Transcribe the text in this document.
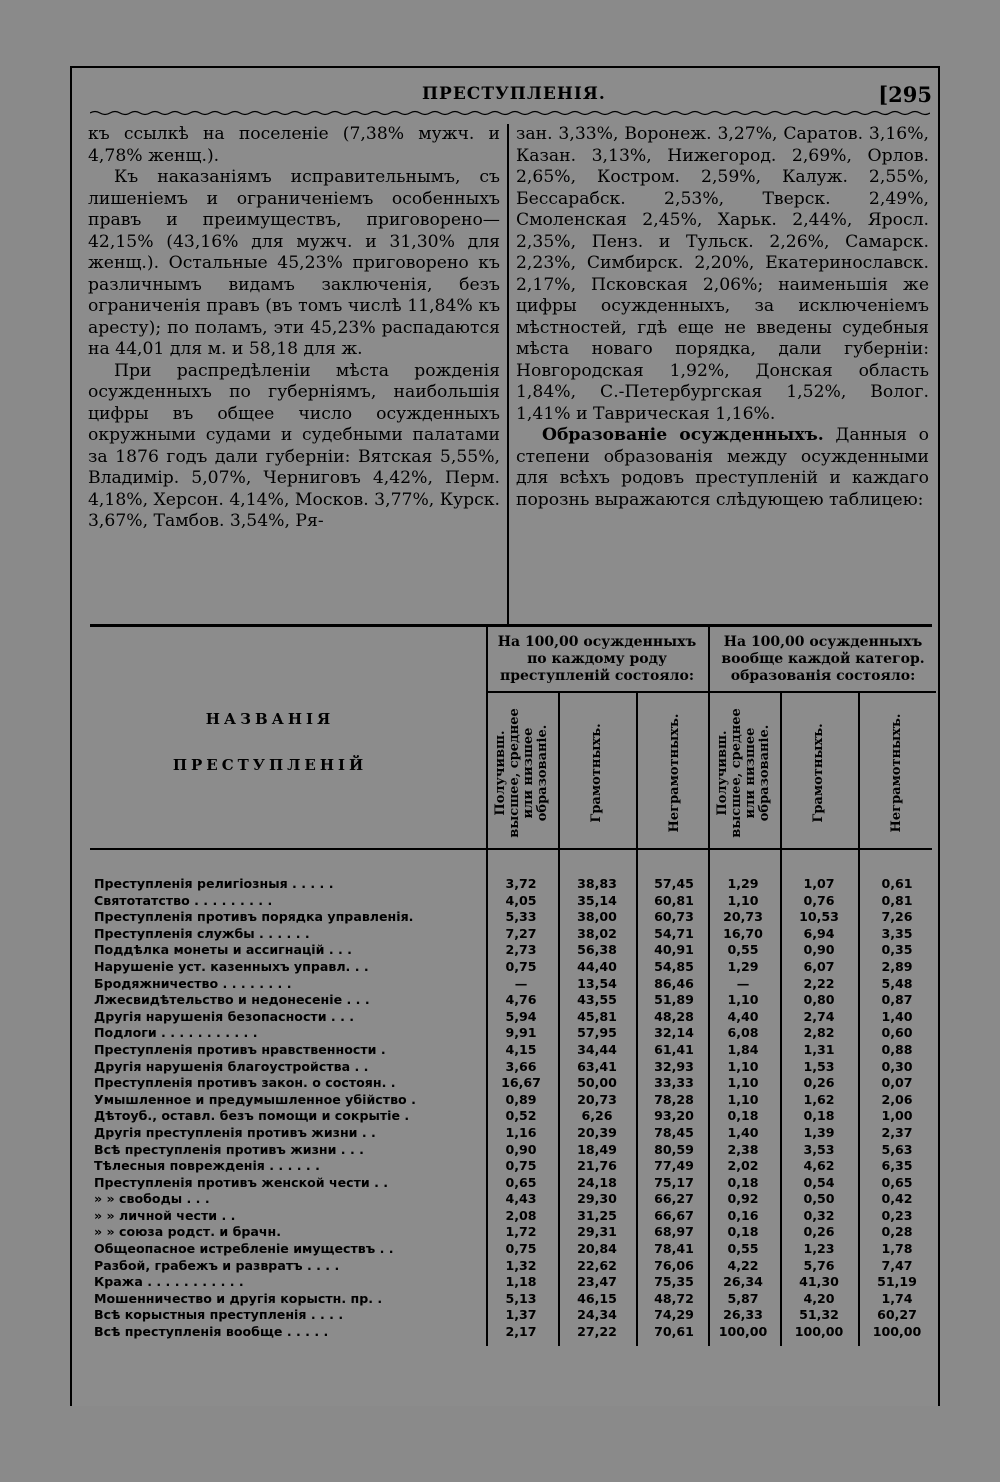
ПРЕСТУПЛЕНІЯ.	[295

къ ссылкѣ на поселеніе (7,38% мужч. и 4,78% женщ.).

Къ наказаніямъ исправительнымъ, съ лишеніемъ и ограниченіемъ особенныхъ правъ и преимуществъ, приговорено—42,15% (43,16% для мужч. и 31,30% для женщ.). Остальные 45,23% приговорено къ различнымъ видамъ заключенія, безъ ограниченія правъ (въ томъ числѣ 11,84% къ аресту); по поламъ, эти 45,23% распадаются на 44,01 для м. и 58,18 для ж.

При распредѣленіи мѣста рожденія осужденныхъ по губерніямъ, наибольшія цифры въ общее число осужденныхъ окружными судами и судебными палатами за 1876 годъ дали губерніи: Вятская 5,55%, Владимір. 5,07%, Черниговъ 4,42%, Перм. 4,18%, Херсон. 4,14%, Москов. 3,77%, Курск. 3,67%, Тамбов. 3,54%, Ря-

зан. 3,33%, Воронеж. 3,27%, Саратов. 3,16%, Казан. 3,13%, Нижегород. 2,69%, Орлов. 2,65%, Костром. 2,59%, Калуж. 2,55%, Бессарабск. 2,53%, Тверск. 2,49%, Смоленская 2,45%, Харьк. 2,44%, Яросл. 2,35%, Пенз. и Тульск. 2,26%, Самарск. 2,23%, Симбирск. 2,20%, Екатеринославск. 2,17%, Псковская 2,06%; наименьшія же цифры осужденныхъ, за исключеніемъ мѣстностей, гдѣ еще не введены судебныя мѣста новаго порядка, дали губерніи: Новгородская 1,92%, Донская область 1,84%, С.-Петербургская 1,52%, Волог. 1,41% и Таврическая 1,16%.

Образованіе осужденныхъ. Данныя о степени образованія между осужденными для всѣхъ родовъ преступленій и каждаго порознь выражаются слѣдующею таблицею:

НАЗВАНІЯ
ПРЕСТУПЛЕНІЙ
На 100,00 осужденныхъ по каждому роду преступленій состояло:
На 100,00 осужденныхъ вообще каждой категор. образованія состояло:
Получивш. высшее, среднее или низшее образованіе.	Грамотныхъ.	Неграмотныхъ.	Получивш. высшее, среднее или низшее образованіе.	Грамотныхъ.	Неграмотныхъ.
Преступленія религіозныя . . . . .	3,72	38,83	57,45	1,29	1,07	0,61
Святотатство . . . . . . . . .	4,05	35,14	60,81	1,10	0,76	0,81
Преступленія противъ порядка управленія.	5,33	38,00	60,73	20,73	10,53	7,26
Преступленія службы . . . . . .	7,27	38,02	54,71	16,70	6,94	3,35
Поддѣлка монеты и ассигнацій . . .	2,73	56,38	40,91	0,55	0,90	0,35
Нарушеніе уст. казенныхъ управл. . .	0,75	44,40	54,85	1,29	6,07	2,89
Бродяжничество . . . . . . . .	—	13,54	86,46	—	2,22	5,48
Лжесвидѣтельство и недонесеніе . . .	4,76	43,55	51,89	1,10	0,80	0,87
Другія нарушенія безопасности . . .	5,94	45,81	48,28	4,40	2,74	1,40
Подлоги . . . . . . . . . . .	9,91	57,95	32,14	6,08	2,82	0,60
Преступленія противъ нравственности .	4,15	34,44	61,41	1,84	1,31	0,88
Другія нарушенія благоустройства . .	3,66	63,41	32,93	1,10	1,53	0,30
Преступленія противъ закон. о состоян. .	16,67	50,00	33,33	1,10	0,26	0,07
Умышленное и предумышленное убійство .	0,89	20,73	78,28	1,10	1,62	2,06
Дѣтоуб., оставл. безъ помощи и сокрытіе .	0,52	6,26	93,20	0,18	0,18	1,00
Другія преступленія противъ жизни . .	1,16	20,39	78,45	1,40	1,39	2,37
Всѣ преступленія противъ жизни . . .	0,90	18,49	80,59	2,38	3,53	5,63
Тѣлесныя поврежденія . . . . . .	0,75	21,76	77,49	2,02	4,62	6,35
Преступленія противъ женской чести . .	0,65	24,18	75,17	0,18	0,54	0,65
» » свободы . . .	4,43	29,30	66,27	0,92	0,50	0,42
» » личной чести . .	2,08	31,25	66,67	0,16	0,32	0,23
» » союза родст. и брачн.	1,72	29,31	68,97	0,18	0,26	0,28
Общеопасное истребленіе имуществъ . .	0,75	20,84	78,41	0,55	1,23	1,78
Разбой, грабежъ и развратъ . . . .	1,32	22,62	76,06	4,22	5,76	7,47
Кража . . . . . . . . . . .	1,18	23,47	75,35	26,34	41,30	51,19
Мошенничество и другія корыстн. пр. .	5,13	46,15	48,72	5,87	4,20	1,74
Всѣ корыстныя преступленія . . . .	1,37	24,34	74,29	26,33	51,32	60,27
Всѣ преступленія вообще . . . . .	2,17	27,22	70,61	100,00	100,00	100,00
